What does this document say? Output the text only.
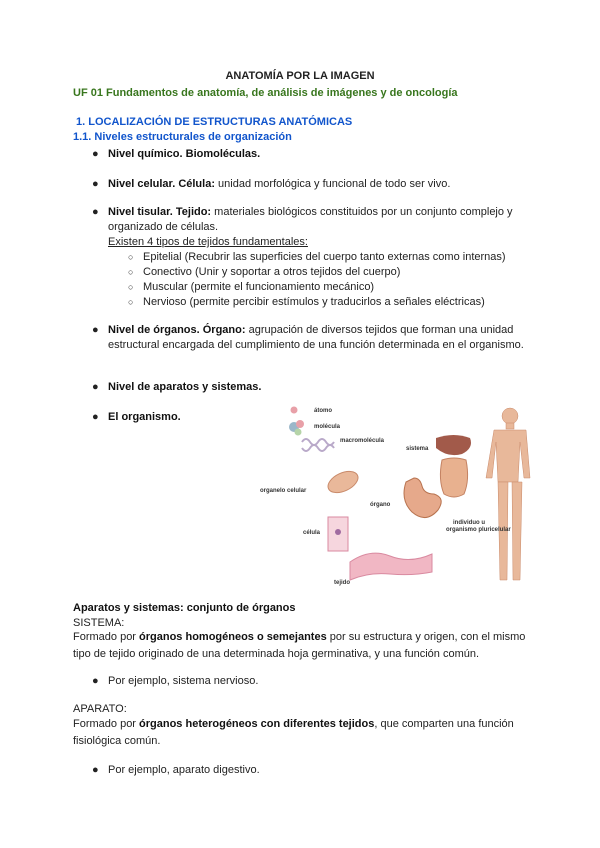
ANATOMÍA POR LA IMAGEN
UF 01 Fundamentos de anatomía, de análisis de imágenes y de oncología
1. LOCALIZACIÓN DE ESTRUCTURAS ANATÓMICAS
1.1. Niveles estructurales de organización
● Nivel químico. Biomoléculas.
● Nivel celular. Célula: unidad morfológica y funcional de todo ser vivo.
● Nivel tisular. Tejido: materiales biológicos constituidos por un conjunto complejo y organizado de células.
Existen 4 tipos de tejidos fundamentales:
○ Epitelial (Recubrir las superficies del cuerpo tanto externas como internas)
○ Conectivo (Unir y soportar a otros tejidos del cuerpo)
○ Muscular (permite el funcionamiento mecánico)
○ Nervioso (permite percibir estímulos y traducirlos a señales eléctricas)
● Nivel de órganos. Órgano: agrupación de diversos tejidos que forman una unidad estructural encargada del cumplimiento de una función determinada en el organismo.
● Nivel de aparatos y sistemas.
● El organismo.	átomo
molécula
macromolécula
organelo celular
célula
tejido
órgano
sistema
individuo u
organismo pluricelular
Aparatos y sistemas: conjunto de órganos
SISTEMA:
Formado por órganos homogéneos o semejantes por su estructura y origen, con el mismo tipo de tejido originado de una determinada hoja germinativa, y una función común.
● Por ejemplo, sistema nervioso.
APARATO:
Formado por órganos heterogéneos con diferentes tejidos, que comparten una función fisiológica común.
● Por ejemplo, aparato digestivo.
